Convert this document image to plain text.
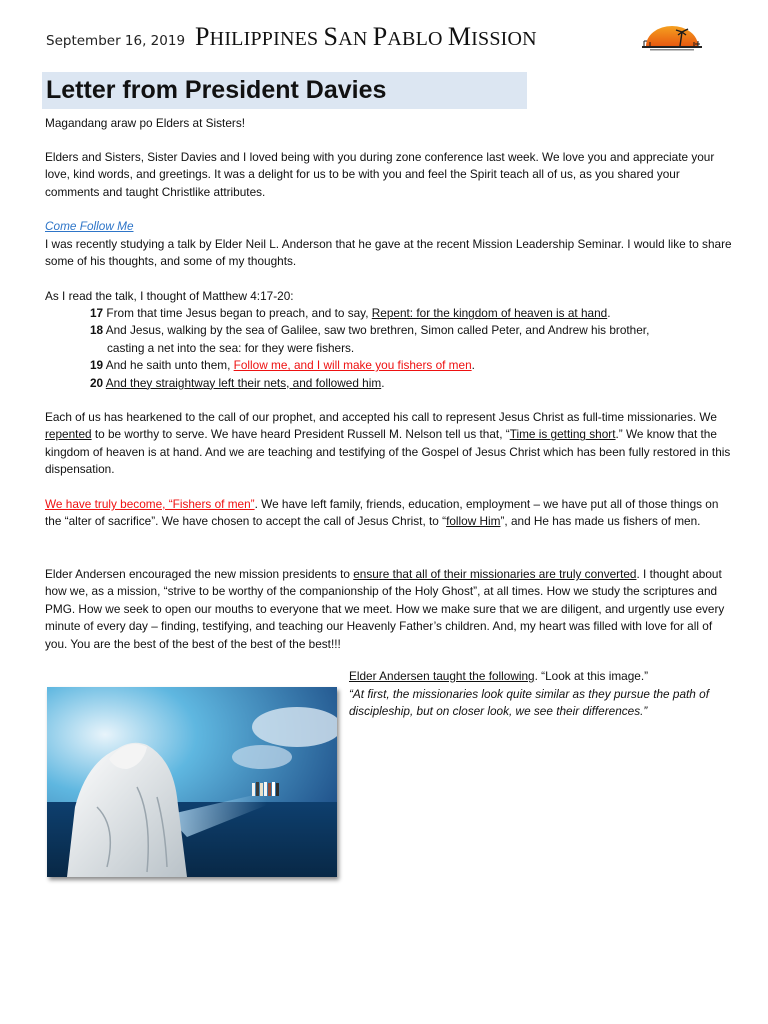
September 16, 2019 PHILIPPINES SAN PABLO MISSION
Letter from President Davies
Magandang araw po Elders at Sisters!
Elders and Sisters, Sister Davies and I loved being with you during zone conference last week. We love you and appreciate your love, kind words, and greetings. It was a delight for us to be with you and feel the Spirit teach all of us, as you shared your comments and taught Christlike attributes.
Come Follow Me
I was recently studying a talk by Elder Neil L. Anderson that he gave at the recent Mission Leadership Seminar. I would like to share some of his thoughts, and some of my thoughts.
As I read the talk, I thought of Matthew 4:17-20:
17 From that time Jesus began to preach, and to say, Repent: for the kingdom of heaven is at hand.
18 And Jesus, walking by the sea of Galilee, saw two brethren, Simon called Peter, and Andrew his brother,
casting a net into the sea: for they were fishers.
19 And he saith unto them, Follow me, and I will make you fishers of men.
20 And they straightway left their nets, and followed him.
Each of us has hearkened to the call of our prophet, and accepted his call to represent Jesus Christ as full-time missionaries. We repented to be worthy to serve. We have heard President Russell M. Nelson tell us that, “Time is getting short.” We know that the kingdom of heaven is at hand. And we are teaching and testifying of the Gospel of Jesus Christ which has been fully restored in this dispensation.
We have truly become, “Fishers of men”. We have left family, friends, education, employment – we have put all of those things on the “alter of sacrifice”. We have chosen to accept the call of Jesus Christ, to “follow Him”, and He has made us fishers of men.
Elder Andersen encouraged the new mission presidents to ensure that all of their missionaries are truly converted. I thought about how we, as a mission, “strive to be worthy of the companionship of the Holy Ghost”, at all times. How we study the scriptures and PMG. How we seek to open our mouths to everyone that we meet. How we make sure that we are diligent, and urgently use every minute of every day – finding, testifying, and teaching our Heavenly Father’s children. And, my heart was filled with love for all of you. You are the best of the best of the best of the best!!!
Elder Andersen taught the following. “Look at this image.”
“At first, the missionaries look quite similar as they pursue the path of discipleship, but on closer look, we see their differences.”
